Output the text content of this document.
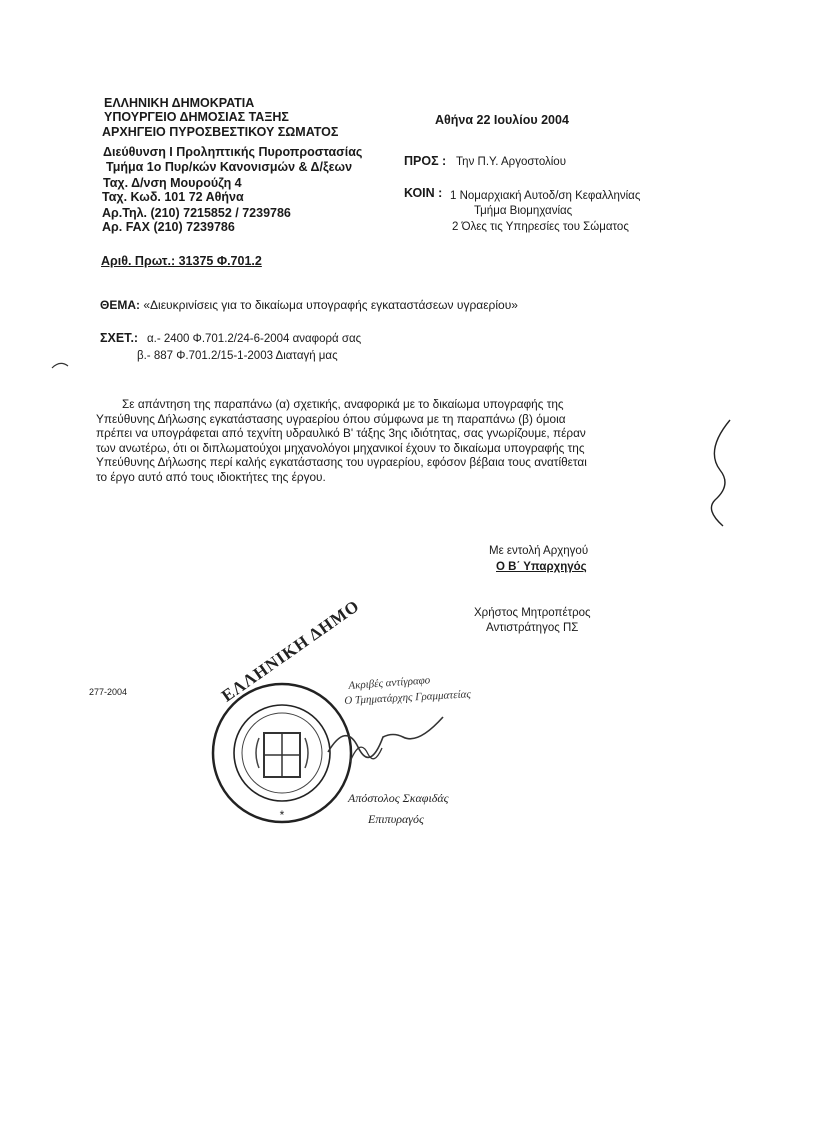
ΕΛΛΗΝΙΚΗ ΔΗΜΟΚΡΑΤΙΑ
ΥΠΟΥΡΓΕΙΟ ΔΗΜΟΣΙΑΣ ΤΑΞΗΣ
ΑΡΧΗΓΕΙΟ ΠΥΡΟΣΒΕΣΤΙΚΟΥ ΣΩΜΑΤΟΣ
Διεύθυνση Ι Προληπτικής Πυροπροστασίας
Τμήμα 1ο Πυρ/κών Κανονισμών & Δ/ξεων
Ταχ. Δ/νση Μουρούζη 4
Ταχ. Κωδ. 101 72 Αθήνα
Αρ.Τηλ. (210) 7215852 / 7239786
Αρ. FAX (210) 7239786
Αριθ. Πρωτ.: 31375 Φ.701.2
Αθήνα 22 Ιουλίου 2004
ΠΡΟΣ : Την Π.Υ. Αργοστολίου
ΚΟΙΝ : 1 Νομαρχιακή Αυτοδ/ση Κεφαλληνίας
Τμήμα Βιομηχανίας
2 Όλες τις Υπηρεσίες του Σώματος
ΘΕΜΑ: «Διευκρινίσεις για το δικαίωμα υπογραφής εγκαταστάσεων υγραερίου»
ΣΧΕΤ.: α.- 2400 Φ.701.2/24-6-2004 αναφορά σας
β.- 887 Φ.701.2/15-1-2003 Διαταγή μας
Σε απάντηση της παραπάνω (α) σχετικής, αναφορικά με το δικαίωμα υπογραφής της
Υπεύθυνης Δήλωσης εγκατάστασης υγραερίου όπου σύμφωνα με τη παραπάνω (β) όμοια
πρέπει να υπογράφεται από τεχνίτη υδραυλικό Β' τάξης 3ης ιδιότητας, σας γνωρίζουμε, πέραν
των ανωτέρω, ότι οι διπλωματούχοι μηχανολόγοι μηχανικοί έχουν το δικαίωμα υπογραφής της
Υπεύθυνης Δήλωσης περί καλής εγκατάστασης του υγραερίου, εφόσον βέβαια τους ανατίθεται
το έργο αυτό από τους ιδιοκτήτες της έργου.
Με εντολή Αρχηγού
Ο Β΄ Υπαρχηγός
Χρήστος Μητροπέτρος
Αντιστράτηγος ΠΣ
277-2004
*
ΕΛΛΗΝΙΚΗ ΔΗΜΟ
Ακριβές αντίγραφο
Ο Τμηματάρχης Γραμματείας
Απόστολος Σκαφιδάς
Επιπυραγός
